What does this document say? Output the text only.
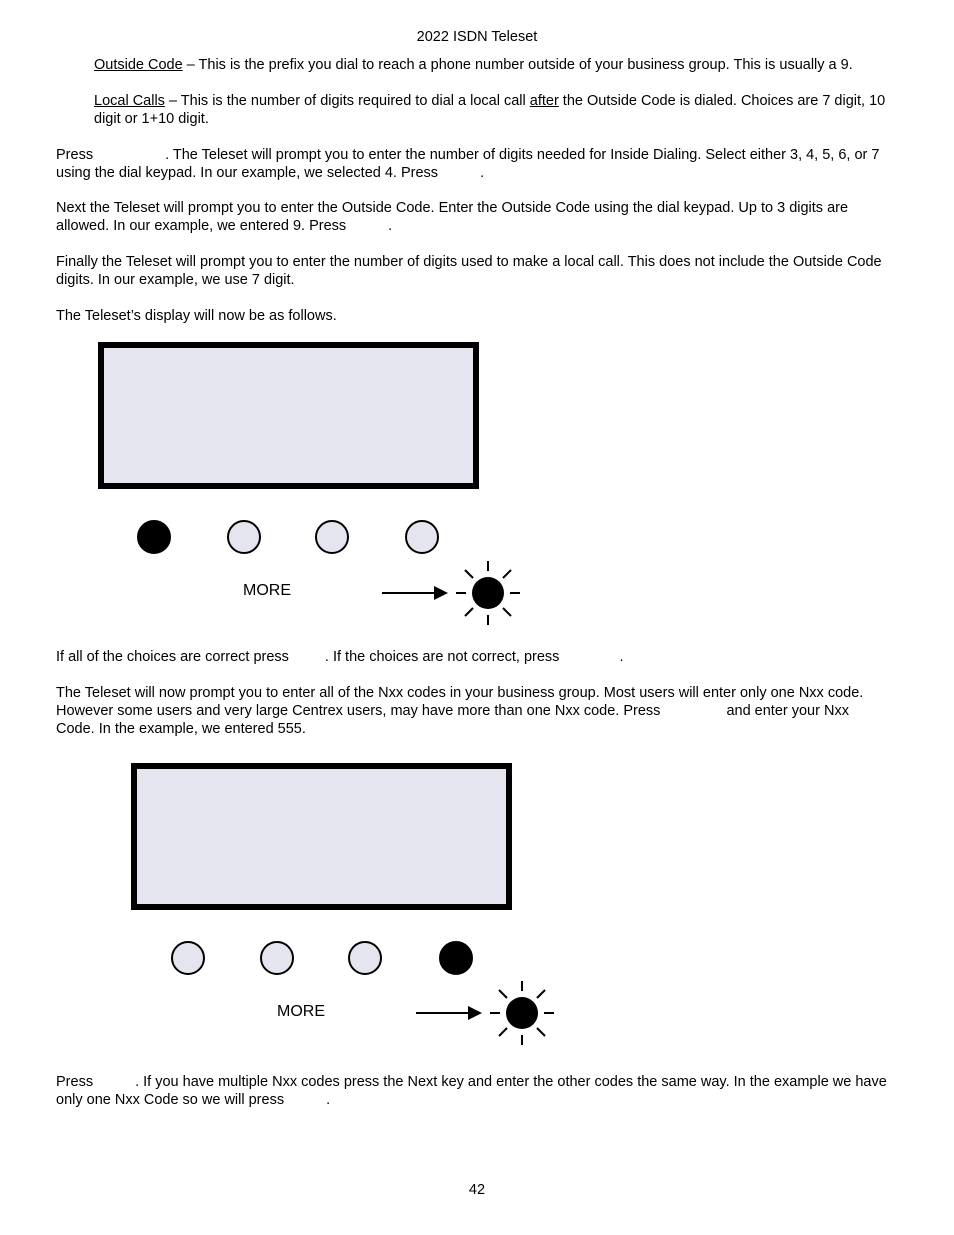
2022 ISDN Teleset

Outside Code – This is the prefix you dial to reach a phone number outside of your business group. This is usually a 9.

Local Calls – This is the number of digits required to dial a local call after the Outside Code is dialed. Choices are 7 digit, 10 digit or 1+10 digit.

Press	. The Teleset will prompt you to enter the number of digits needed for Inside Dialing. Select either 3, 4, 5, 6, or 7 using the dial keypad. In our example, we selected 4. Press	.

Next the Teleset will prompt you to enter the Outside Code. Enter the Outside Code using the dial keypad. Up to 3 digits are allowed. In our example, we entered 9. Press	.

Finally the Teleset will prompt you to enter the number of digits used to make a local call. This does not include the Outside Code digits. In our example, we use 7 digit.

The Teleset’s display will now be as follows.

MORE

If all of the choices are correct press . If the choices are not correct, press	.

The Teleset will now prompt you to enter all of the Nxx codes in your business group. Most users will enter only one Nxx code. However some users and very large Centrex users, may have more than one Nxx code. Press	and enter your Nxx Code. In the example, we entered 555.

MORE

Press	. If you have multiple Nxx codes press the Next key and enter the other codes the same way. In the example we have only one Nxx Code so we will press	.

42
